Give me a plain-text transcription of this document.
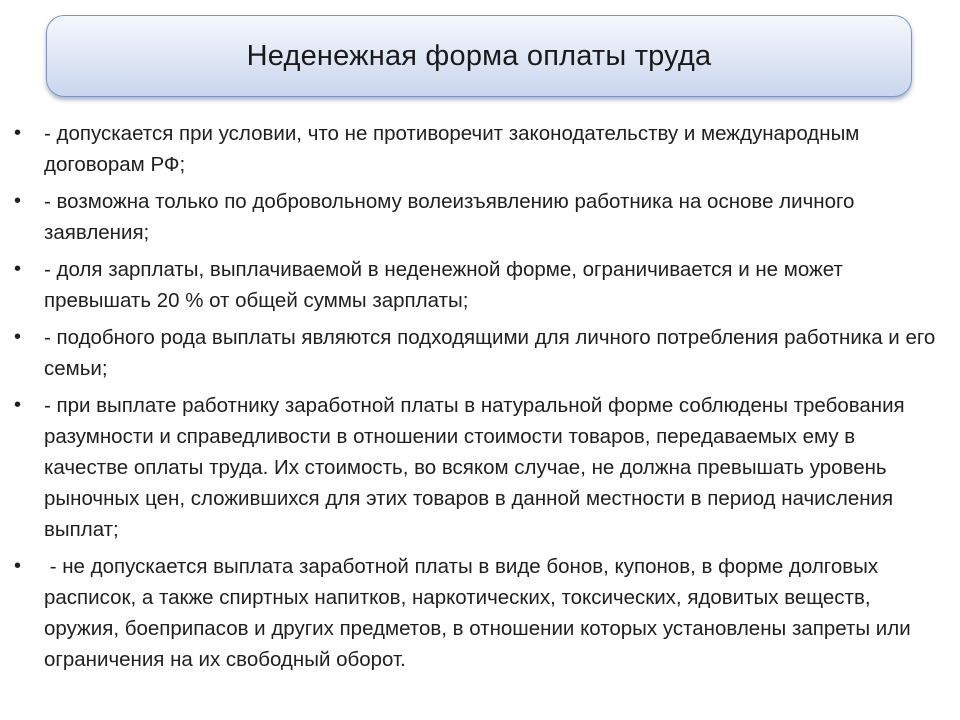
Неденежная форма оплаты труда
•	- допускается при условии, что не противоречит законодательству и международным договорам РФ;
•	- возможна только по добровольному волеизъявлению работника на основе личного заявления;
•	- доля зарплаты, выплачиваемой в неденежной форме, ограничивается и не может превышать 20 % от общей суммы зарплаты;
•	- подобного рода выплаты являются подходящими для личного потребления работника и его семьи;
•	- при выплате работнику заработной платы в натуральной форме соблюдены требования разумности и справедливости в отношении стоимости товаров, передаваемых ему в качестве оплаты труда. Их стоимость, во всяком случае, не должна превышать уровень рыночных цен, сложившихся для этих товаров в данной местности в период начисления выплат;
•	- не допускается выплата заработной платы в виде бонов, купонов, в форме долговых расписок, а также спиртных напитков, наркотических, токсических, ядовитых веществ, оружия, боеприпасов и других предметов, в отношении которых установлены запреты или ограничения на их свободный оборот.
